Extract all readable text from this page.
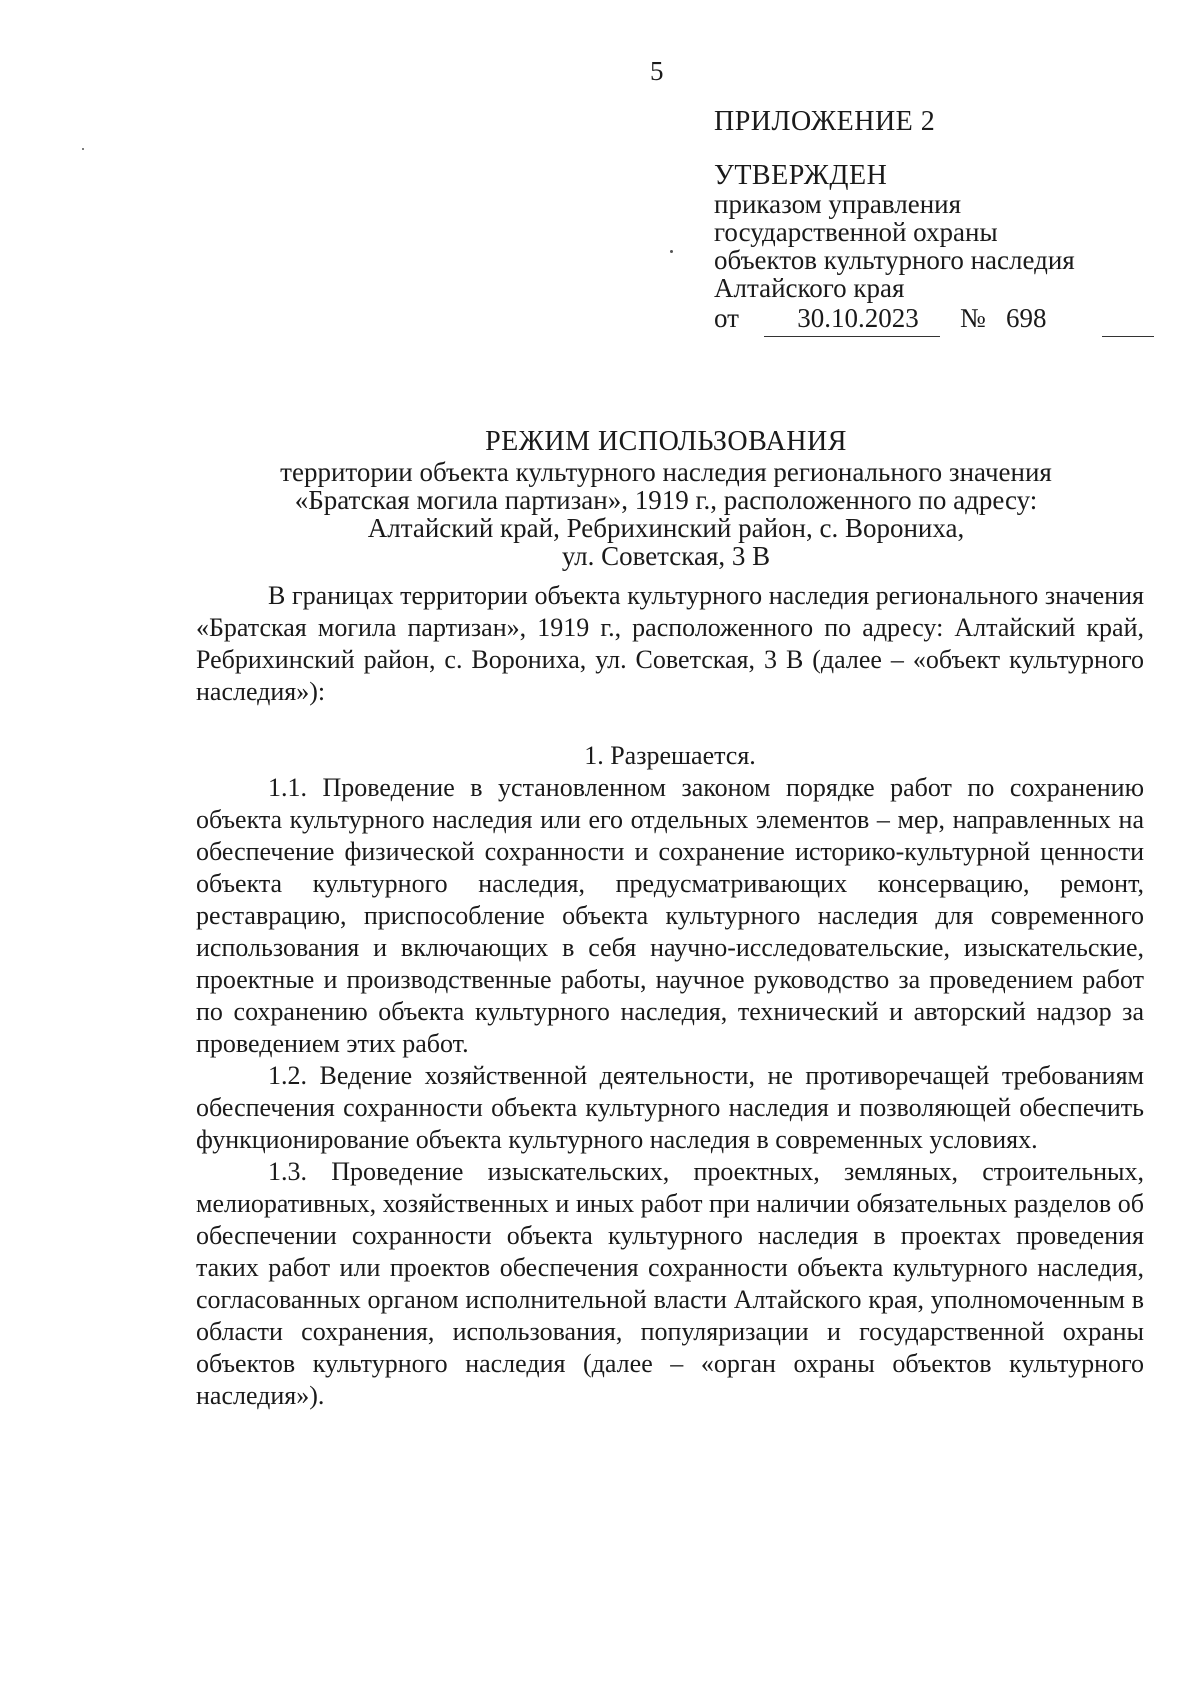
5
ПРИЛОЖЕНИЕ 2
УТВЕРЖДЕН
приказом управления
государственной охраны
объектов культурного наследия
Алтайского края
от	30.10.2023	№ 698
РЕЖИМ ИСПОЛЬЗОВАНИЯ
территории объекта культурного наследия регионального значения
«Братская могила партизан», 1919 г., расположенного по адресу:
Алтайский край, Ребрихинский район, с. Ворониха,
ул. Советская, 3 В

В границах территории объекта культурного наследия регионального значения «Братская могила партизан», 1919 г., расположенного по адресу: Алтайский край, Ребрихинский район, с. Ворониха, ул. Советская, 3 В (далее – «объект культурного наследия»):

1. Разрешается.

1.1. Проведение в установленном законом порядке работ по сохранению объекта культурного наследия или его отдельных элементов – мер, направленных на обеспечение физической сохранности и сохранение историко-культурной ценности объекта культурного наследия, предусматривающих консервацию, ремонт, реставрацию, приспособление объекта культурного наследия для современного использования и включающих в себя научно-исследовательские, изыскательские, проектные и производственные работы, научное руководство за проведением работ по сохранению объекта культурного наследия, технический и авторский надзор за проведением этих работ.

1.2. Ведение хозяйственной деятельности, не противоречащей требованиям обеспечения сохранности объекта культурного наследия и позволяющей обеспечить функционирование объекта культурного наследия в современных условиях.

1.3. Проведение изыскательских, проектных, земляных, строительных, мелиоративных, хозяйственных и иных работ при наличии обязательных разделов об обеспечении сохранности объекта культурного наследия в проектах проведения таких работ или проектов обеспечения сохранности объекта культурного наследия, согласованных органом исполнительной власти Алтайского края, уполномоченным в области сохранения, использования, популяризации и государственной охраны объектов культурного наследия (далее – «орган охраны объектов культурного наследия»).
